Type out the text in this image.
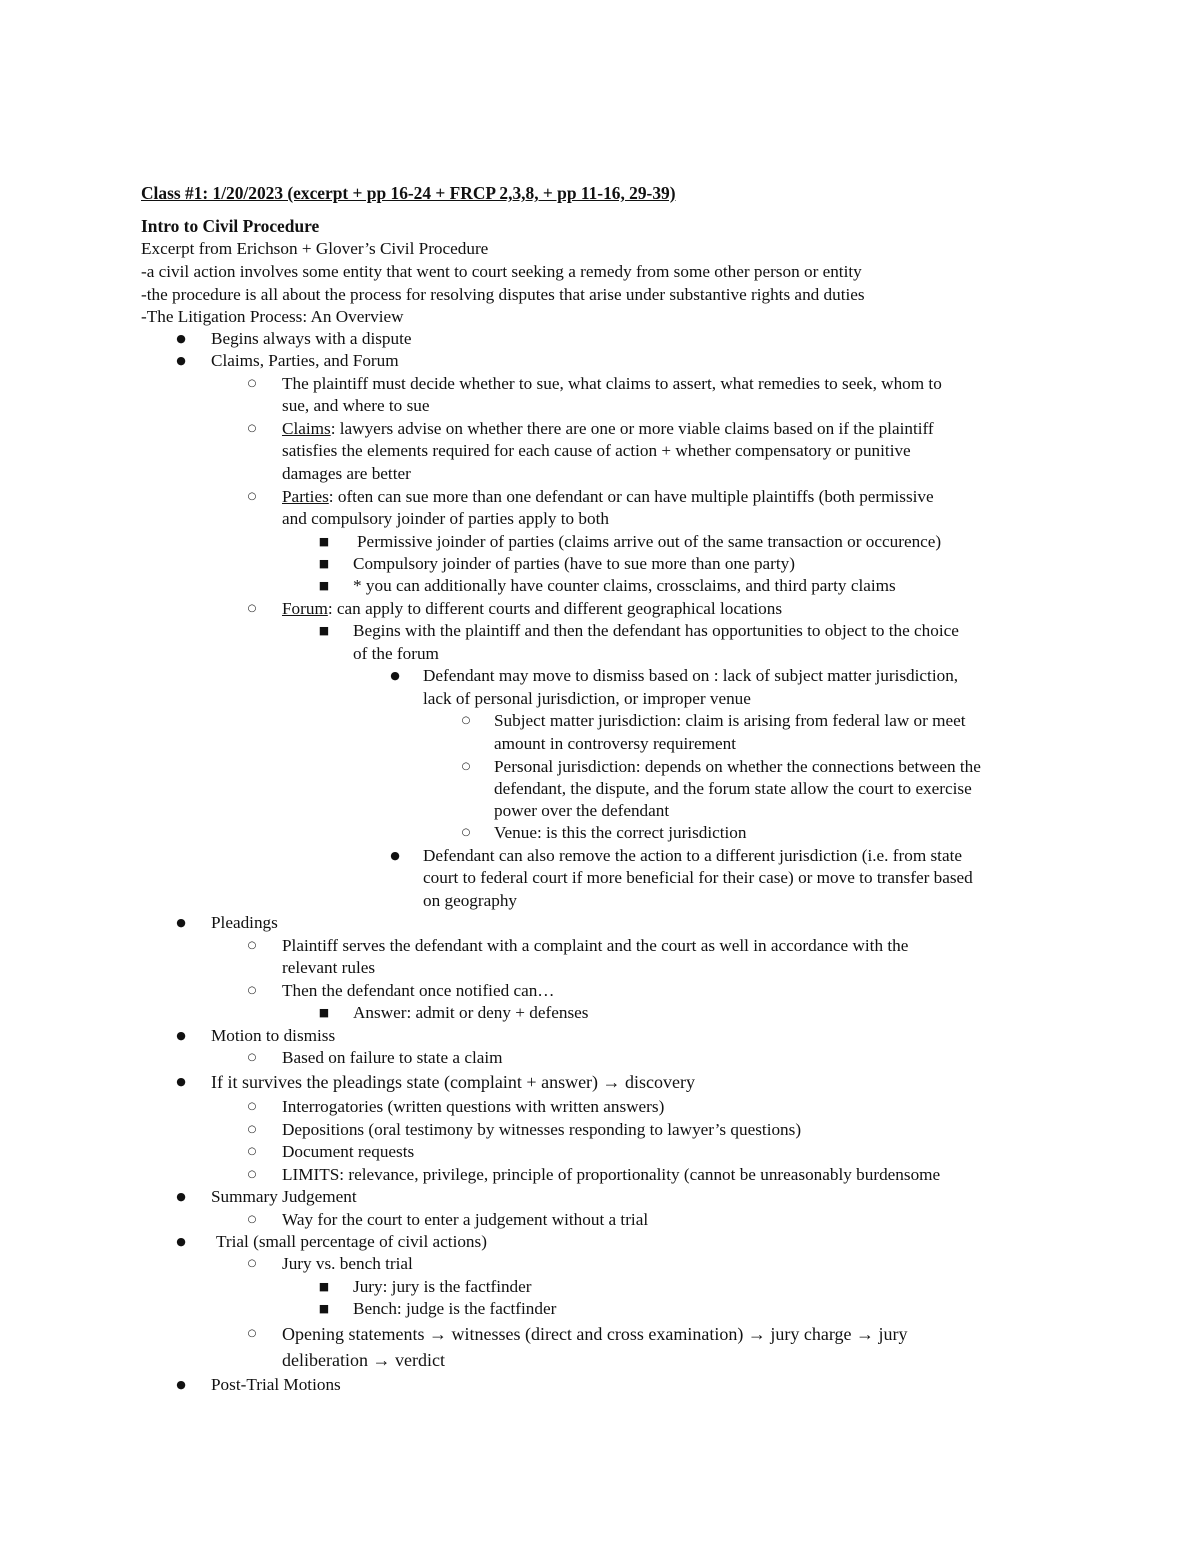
Class #1: 1/20/2023 (excerpt + pp 16-24 + FRCP 2,3,8, + pp 11-16, 29-39)
Intro to Civil Procedure
Excerpt from Erichson + Glover’s Civil Procedure
-a civil action involves some entity that went to court seeking a remedy from some other person or entity
-the procedure is all about the process for resolving disputes that arise under substantive rights and duties
-The Litigation Process: An Overview
● Begins always with a dispute
● Claims, Parties, and Forum
○ The plaintiff must decide whether to sue, what claims to assert, what remedies to seek, whom to
sue, and where to sue
○ Claims: lawyers advise on whether there are one or more viable claims based on if the plaintiff
satisfies the elements required for each cause of action + whether compensatory or punitive
damages are better
○ Parties: often can sue more than one defendant or can have multiple plaintiffs (both permissive
and compulsory joinder of parties apply to both
■ Permissive joinder of parties (claims arrive out of the same transaction or occurence)
■ Compulsory joinder of parties (have to sue more than one party)
■ * you can additionally have counter claims, crossclaims, and third party claims
○ Forum: can apply to different courts and different geographical locations
■ Begins with the plaintiff and then the defendant has opportunities to object to the choice
of the forum
● Defendant may move to dismiss based on : lack of subject matter jurisdiction,
lack of personal jurisdiction, or improper venue
○ Subject matter jurisdiction: claim is arising from federal law or meet
amount in controversy requirement
○ Personal jurisdiction: depends on whether the connections between the
defendant, the dispute, and the forum state allow the court to exercise
power over the defendant
○ Venue: is this the correct jurisdiction
● Defendant can also remove the action to a different jurisdiction (i.e. from state
court to federal court if more beneficial for their case) or move to transfer based
on geography
● Pleadings
○ Plaintiff serves the defendant with a complaint and the court as well in accordance with the
relevant rules
○ Then the defendant once notified can…
■ Answer: admit or deny + defenses
● Motion to dismiss
○ Based on failure to state a claim
● If it survives the pleadings state (complaint + answer) → discovery
○ Interrogatories (written questions with written answers)
○ Depositions (oral testimony by witnesses responding to lawyer’s questions)
○ Document requests
○ LIMITS: relevance, privilege, principle of proportionality (cannot be unreasonably burdensome
● Summary Judgement
○ Way for the court to enter a judgement without a trial
● Trial (small percentage of civil actions)
○ Jury vs. bench trial
■ Jury: jury is the factfinder
■ Bench: judge is the factfinder
○ Opening statements → witnesses (direct and cross examination) → jury charge → jury
deliberation → verdict
● Post-Trial Motions
